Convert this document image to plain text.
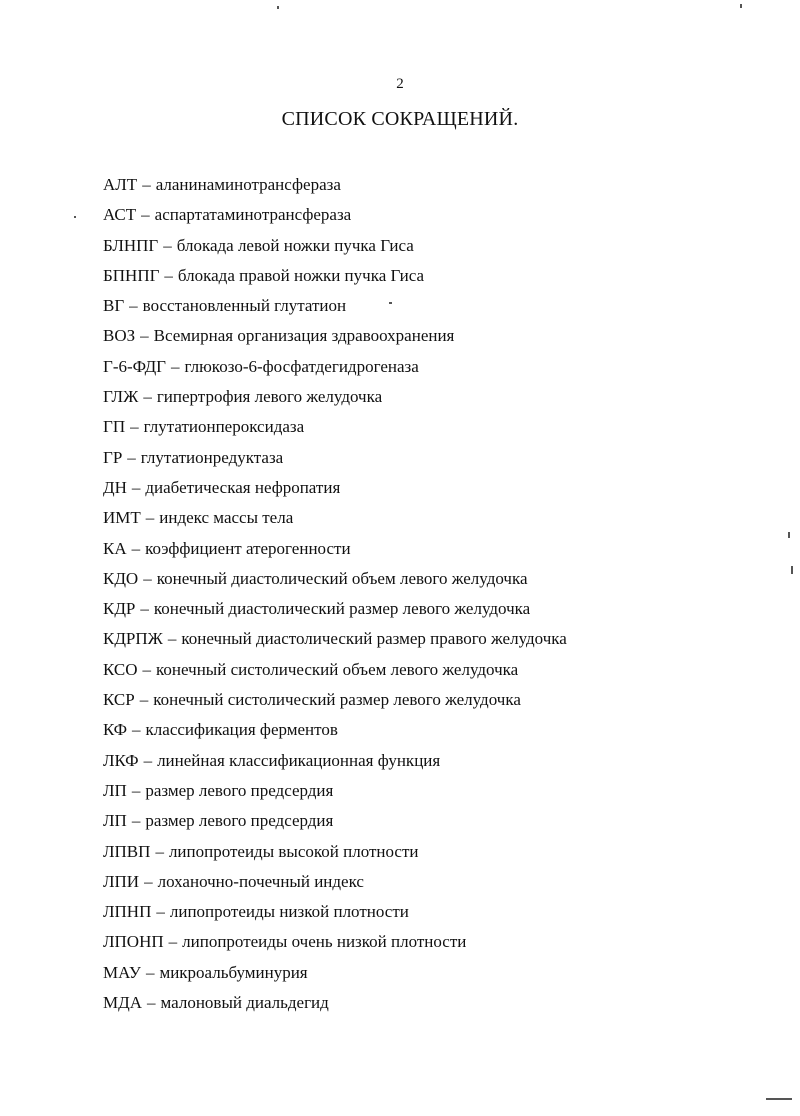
2
СПИСОК СОКРАЩЕНИЙ.
АЛТ – аланинаминотрансфераза
АСТ – аспартатаминотрансфераза
БЛНПГ – блокада левой ножки пучка Гиса
БПНПГ – блокада правой ножки пучка Гиса
ВГ – восстановленный глутатион
ВОЗ – Всемирная организация здравоохранения
Г-6-ФДГ – глюкозо-6-фосфатдегидрогеназа
ГЛЖ – гипертрофия левого желудочка
ГП – глутатионпероксидаза
ГР – глутатионредуктаза
ДН – диабетическая нефропатия
ИМТ – индекс массы тела
КА – коэффициент атерогенности
КДО – конечный диастолический объем левого желудочка
КДР – конечный диастолический размер левого желудочка
КДРПЖ – конечный диастолический размер правого желудочка
КСО – конечный систолический объем левого желудочка
КСР – конечный систолический размер левого желудочка
КФ – классификация ферментов
ЛКФ – линейная классификационная функция
ЛП – размер левого предсердия
ЛП – размер левого предсердия
ЛПВП – липопротеиды высокой плотности
ЛПИ – лоханочно-почечный индекс
ЛПНП – липопротеиды низкой плотности
ЛПОНП – липопротеиды очень низкой плотности
МАУ – микроальбуминурия
МДА – малоновый диальдегид
